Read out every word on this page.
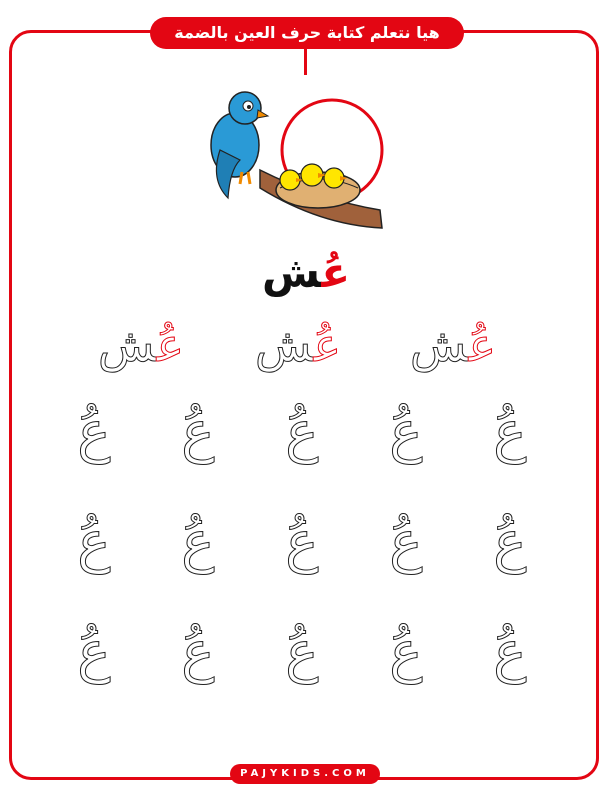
هيا نتعلم كتابة حرف العين بالضمة
عُش
عُش
عُش
عُش
عُ
عُ
عُ
عُ
عُ
عُ
عُ
عُ
عُ
عُ
عُ
عُ
عُ
عُ
عُ
PAJYKIDS.COM
